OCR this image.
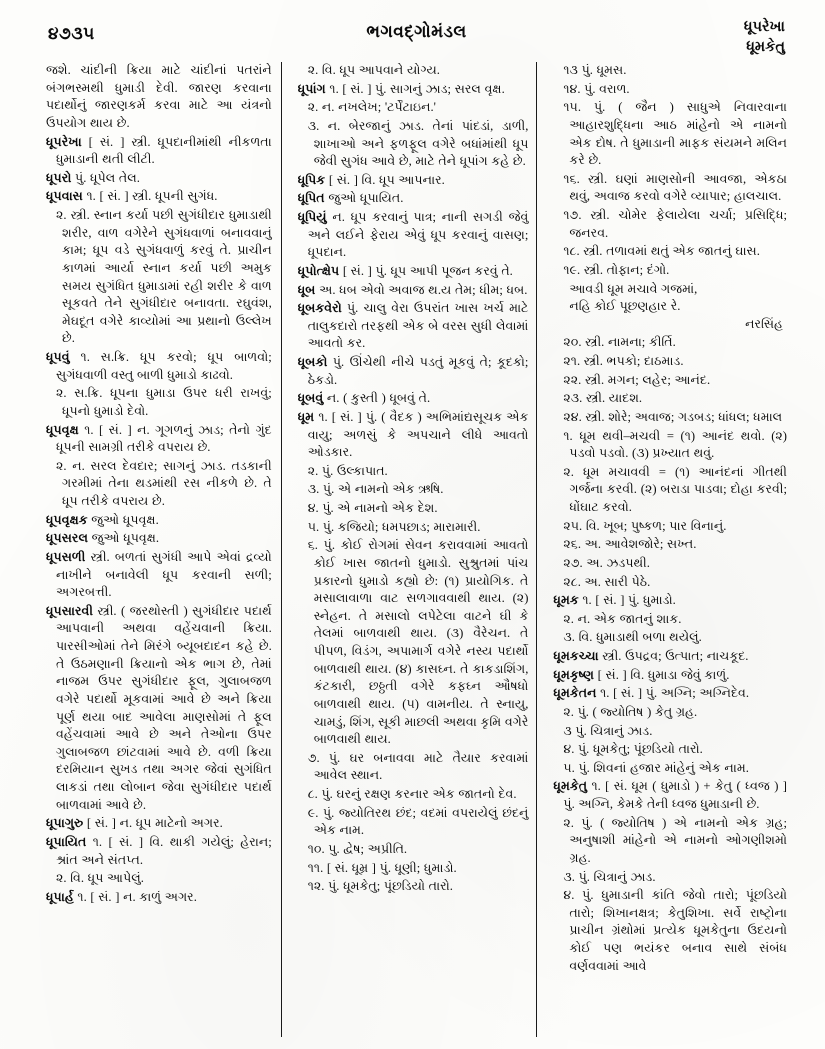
૪૭૩૫	ભગવદ્ગોમંડલ	ધૂપરેખા
ધૂમકેતુ

જશે. ચાંદીની ક્રિયા માટે ચાંદીનાં પતરાંને બંગભસ્મથી ધુમાડી દેવી. જારણ કરવાના પદાર્થોનું જારણકર્મ કરવા માટે આ યંત્રનો ઉપયોગ થાય છે.

ધૂપરેખા [ સં. ] સ્ત્રી. ધૂપદાનીમાંથી નીકળતા ધુમાડાની થતી લીટી.

ધૂપરો પું. ધૂપેલ તેલ.

ધૂપવાસ ૧. [ સં. ] સ્ત્રી. ધૂપની સુગંધ.

૨. સ્ત્રી. સ્નાન કર્યા પછી સુગંધીદાર ધુમાડાથી શરીર, વાળ વગેરેને સુગંધવાળાં બનાવવાનું કામ; ધૂપ વડે સુગંધવાળું કરવું તે. પ્રાચીન કાળમાં આર્યા સ્નાન કર્યા પછી અમુક સમય સુગંધિત ધુમાડામાં રહી શરીર કે વાળ સૂકવતે તેને સુગંધીદાર બનાવતા. રઘુવંશ, મેઘદૂત વગેરે કાવ્યોમાં આ પ્રથાનો ઉલ્લેખ છે.

ધૂપવું ૧. સ.ક્રિ. ધૂપ કરવો; ધૂપ બાળવો; સુગંધવાળી વસ્તુ બાળી ધુમાડો કાઢવો.

૨. સ.ક્રિ. ધૂપના ધુમાડા ઉપર ધરી રાખવું; ધૂપનો ધુમાડો દેવો.

ધૂપવૃક્ષ ૧. [ સં. ] ન. ગૂગળનું ઝાડ; તેનો ગુંદ ધૂપની સામગ્રી તરીકે વપરાય છે.

૨. ન. સરલ દેવદાર; સાગનું ઝાડ. તડકાની ગરમીમાં તેના થડમાંથી રસ નીકળે છે. તે ધૂપ તરીકે વપરાય છે.

ધૂપવૃક્ષક જુઓ ધૂપવૃક્ષ.

ધૂપસરલ જુઓ ધૂપવૃક્ષ.

ધૂપસળી સ્ત્રી. બળતાં સુગંધી આપે એવાં દ્રવ્યો નાખીને બનાવેલી ધૂપ કરવાની સળી; અગરબત્તી.

ધૂપસારવી સ્ત્રી. ( જરથોસ્તી ) સુગંધીદાર પદાર્થ આપવાની અથવા વહેંચવાની ક્રિયા. પારસીઓમાં તેને મિરંગે બ્યૂબદાદન કહે છે. તે ઉઠમણાની ક્રિયાનો એક ભાગ છે, તેમાં નાજમ ઉપર સુગંધીદાર ફૂલ, ગુલાબજળ વગેરે પદાર્થો મૂકવામાં આવે છે અને ક્રિયા પૂર્ણ થયા બાદ આવેલા માણસોમાં તે ફૂલ વહેંચવામાં આવે છે અને તેઓના ઉપર ગુલાબજળ છાંટવામાં આવે છે. વળી ક્રિયા દરમિયાન સુખડ તથા અગર જેવાં સુગંધિત લાકડાં તથા લોબાન જેવા સુગંધીદાર પદાર્થ બાળવામાં આવે છે.

ધૂપાગુરુ [ સં. ] ન. ધૂપ માટેનો અગર.

ધૂપાયિત ૧. [ સં. ] વિ. થાકી ગયેલું; હેરાન; શ્રાંત અને સંતપ્ત.

૨. વિ. ધૂપ આપેલું.

ધૂપાર્હ ૧. [ સં. ] ન. કાળું અગર.

૨. વિ. ધૂપ આપવાને યોગ્ય.

ધૂપાંગ ૧. [ સં. ] પું. સાગનું ઝાડ; સરલ વૃક્ષ.

૨. ન. નખલેખ; 'ટર્પેંટાઇન.'

૩. ન. બેરજાનું ઝાડ. તેનાં પાંદડાં, ડાળી, શાખાઓ અને ફળફૂલ વગેરે બધાંમાંથી ધૂપ જેવી સુગંધ આવે છે, માટે તેને ધૂપાંગ કહે છે.

ધૂપિક [ સં. ] વિ. ધૂપ આપનાર.

ધૂપિત જુઓ ધૂપાયિત.

ધૂપિયું ન. ધૂપ કરવાનું પાત્ર; નાની સગડી જેવું અને લઈને ફેરાય એવું ધૂપ કરવાનું વાસણ; ધૂપદાન.

ધૂપોત્ક્ષેપ [ સં. ] પું. ધૂપ આપી પૂજન કરવું તે.

ધૂબ અ. ધબ એવો અવાજ થ.ય તેમ; ધીમ; ધબ.

ધૂબકવેરો પું. ચાલુ વેરા ઉપરાંત ખાસ ખર્ચ માટે તાલુકદારો તરફથી એક બે વરસ સુધી લેવામાં આવતો કર.

ધૂબકો પું. ઊંચેથી નીચે પડતું મૂકવું તે; કૂદકો; ઠેકડો.

ધૂબવું ન. ( કુસ્તી ) ધૂબવું તે.

ધૂમ ૧. [ સં. ] પું. ( વૈદક ) અભિમાંદ્યસૂચક એક વાયુ; અળસું કે અપચાને લીધે આવતો ઓડકાર.

૨. પું. ઉલ્કાપાત.

૩. પું. એ નામનો એક ઋષિ.

૪. પું. એ નામનો એક દેશ.

૫. પું. કજિયો; ધમપછાડ; મારામારી.

૬. પું. કોઈ રોગમાં સેવન કરાવવામાં આવતો કોઈ ખાસ જાતનો ધુમાડો. સુશ્રુતમાં પાંચ પ્રકારનો ધુમાડો કહ્યો છે: (૧) પ્રાયોગિક. તે મસાલાવાળા વાટ સળગાવવાથી થાય. (૨) સ્નેહન. તે મસાલો લપેટેલા વાટને ઘી કે તેલમાં બાળવાથી થાય. (૩) વૈરેચન. તે પીપળ, વિડંગ, અપામાર્ગ વગેરે નસ્ય પદાર્થો બાળવાથી થાય. (૪) કાસઘ્ન. તે કાકડાશિંગ, કંટકારી, છઠ્ઠતી વગેરે કફઘ્ન ઔષધો બાળવાથી થાય. (૫) વામનીય. તે સ્નાયુ, ચામડું, શિંગ, સૂકી માછલી અથવા કૃમિ વગેરે બાળવાથી થાય.

૭. પું. ઘર બનાવવા માટે તૈયાર કરવામાં આવેલ સ્થાન.

૮. પું. ઘરનું રક્ષણ કરનાર એક જાતનો દેવ.

૯. પું. જ્યોતિરથ છંદ; વદમાં વપરાયેલું છંદનું એક નામ.

૧૦. પુ. દ્વેષ; અપ્રીતિ.

૧૧. [ સં. ધૂમ્ર ] પું. ધૂણી; ધુમાડો.

૧૨. પું. ધૂમકેતુ; પૂંછડિયો તારો.

૧૩ પું. ધૂમસ.

૧૪. પું. વરાળ.

૧૫. પું. ( જૈન ) સાધુએ નિવારવાના આહારશુદ્ધિના આઠ માંહેનો એ નામનો એક દોષ. તે ધુમાડાની માફક સંયમને મલિન કરે છે.

૧૬. સ્ત્રી. ઘણાં માણસોની આવજા, એકઠા થવું, અવાજ કરવો વગેરે વ્યાપાર; હાલચાલ.

૧૭. સ્ત્રી. ચોમેર ફેલાયેલા ચર્ચા; પ્રસિદ્ધિ; જનરવ.

૧૮. સ્ત્રી. તળાવમાં થતું એક જાતનું ઘાસ.

૧૯. સ્ત્રી. તોફાન; દંગો.

આવડી ધૂમ મચાવે ગજમાં,
નહિ કોઈ પૂછણહાર રે.
નરસિંહ

૨૦. સ્ત્રી. નામના; કીર્તિ.

૨૧. સ્ત્રી. ભપકો; દાઠમાડ.

૨૨. સ્ત્રી. મગન; લહેર; આનંદ.

૨૩. સ્ત્રી. યાદશ.

૨૪. સ્ત્રી. શોરે; અવાજ; ગડબડ; ધાંધલ; ધમાલ

૧. ધૂમ થવી–મચવી = (૧) આનંદ થવો. (૨) પડવો પડવો. (૩) પ્રખ્યાત થવું.

૨. ધૂમ મચાવવી = (૧) આનંદનાં ગીતથી ગર્જના કરવી. (૨) બરાડા પાડવા; દોહા કરવી; ધોંઘાટ કરવો.

૨૫. વિ. ખૂબ; પુષ્કળ; પાર વિનાનું.

૨૬. અ. આવેશજોરે; સખ્ત.

૨૭. અ. ઝડપથી.

૨૮. અ. સારી પેઠે.

ધૂમક ૧. [ સં. ] પું. ધુમાડો.

૨. ન. એક જાતનું શાક.

૩. વિ. ધુમાડાથી બળા થયેલું.

ધૂમકચ્ચા સ્ત્રી. ઉપદ્રવ; ઉત્પાત; નાચકૂદ.

ધૂમકૃષ્ણ [ સં. ] વિ. ધુમાડા જેવું કાળું.

ધૂમકેતન ૧. [ સં. ] પું. અગ્નિ; અગ્નિદેવ.

૨. પું. ( જ્યોતિષ ) કેતુ ગ્રહ.

૩ પું. ચિત્રાનું ઝાડ.

૪. પું. ધૂમકેતુ; પૂંછડિયો તારો.

૫. પું. શિવનાં હજાર માંહેનું એક નામ.

ધૂમકેતુ ૧. [ સં. ધૂમ ( ધુમાડો ) + કેતુ ( ધ્વજ ) ] પું. અગ્નિ, કેમકે તેની ધ્વજ ધુમાડાની છે.

૨. પું. ( જ્યોતિષ ) એ નામનો એક ગ્રહ; અનુષાશી માંહેનો એ નામનો ઓગણીશમો ગ્રહ.

૩. પું. ચિત્રાનું ઝાડ.

૪. પું. ધુમાડાની કાંતિ જેવો તારો; પૂંછડિયો તારો; શિખાનક્ષત્ર; કેતુશિખા. સર્વે રાષ્ટ્રોના પ્રાચીન ગ્રંથોમાં પ્રત્યેક ધૂમકેતુના ઉદયનો કોઈ પણ ભયંકર બનાવ સાથે સંબંધ વર્ણવવામાં આવે
